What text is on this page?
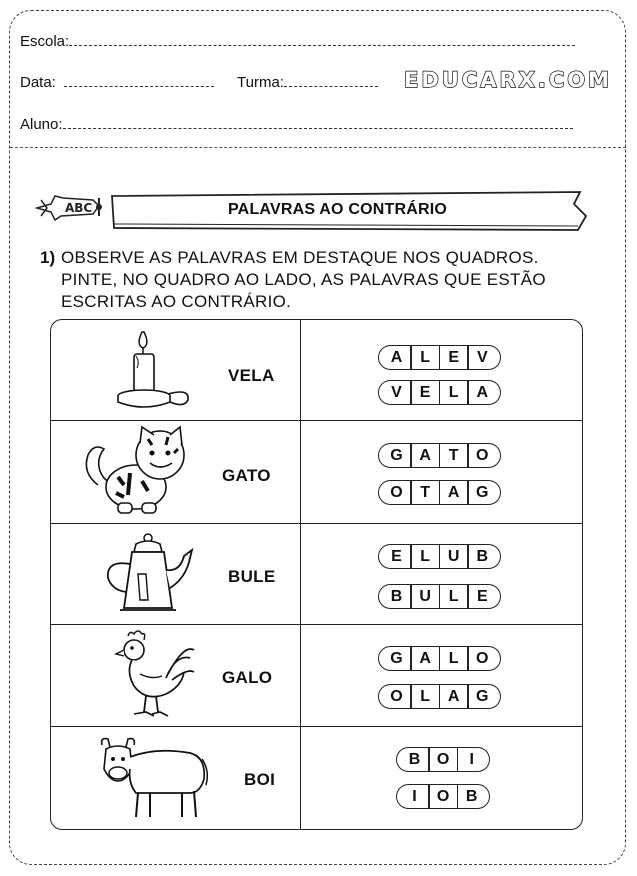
Escola:
Data:	Turma:	EDUCARX.COM
Aluno:
ABC	PALAVRAS AO CONTRÁRIO
1) OBSERVE AS PALAVRAS EM DESTAQUE NOS QUADROS.
PINTE, NO QUADRO AO LADO, AS PALAVRAS QUE ESTÃO
ESCRITAS AO CONTRÁRIO.
VELA
A	L	E	V
V	E	L	A
GATO
G	A	T	O
O	T	A	G
BULE
E	L	U	B
B	U	L	E
GALO
G	A	L	O
O	L	A	G
BOI
B	O	I
I	O	B
